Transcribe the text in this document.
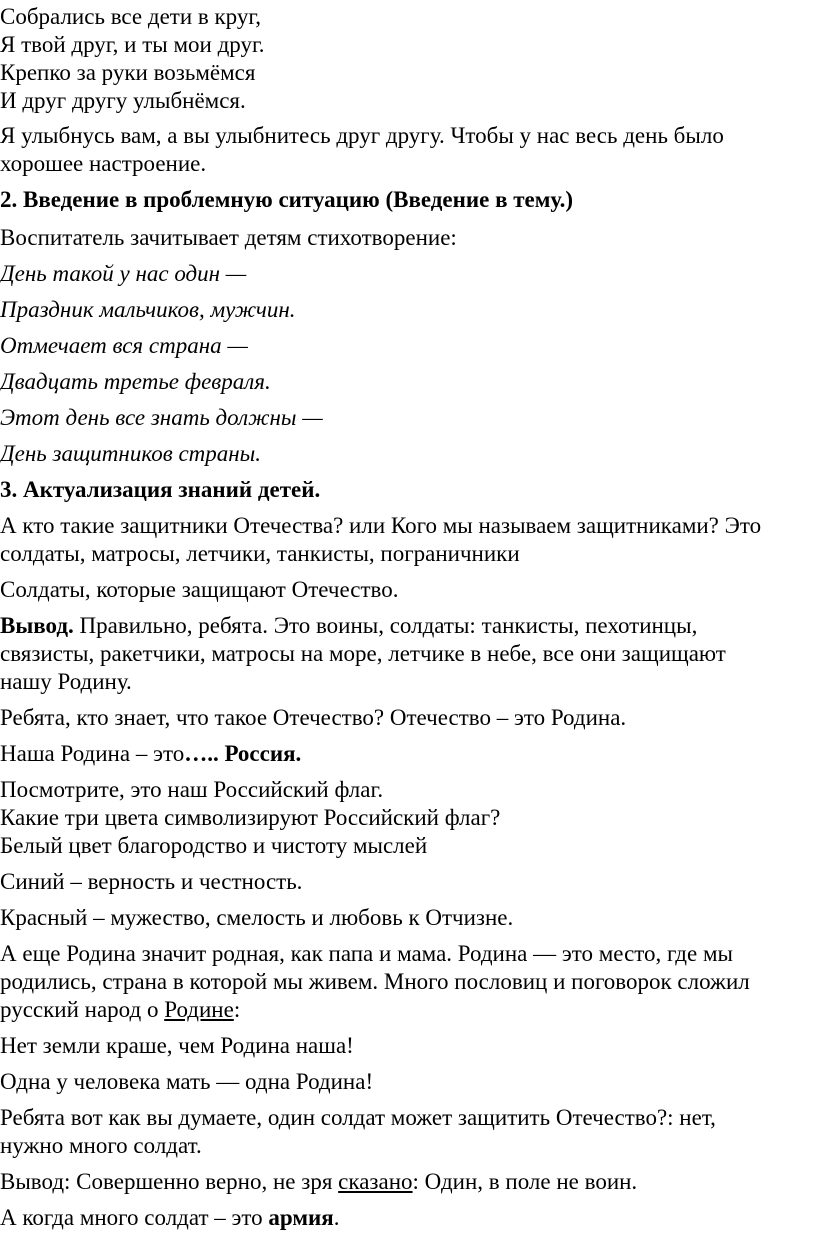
Собрались все дети в круг,

Я твой друг, и ты мои друг.

Крепко за руки возьмёмся

И друг другу улыбнёмся.

Я улыбнусь вам, а вы улыбнитесь друг другу. Чтобы у нас весь день было

хорошее настроение.

2. Введение в проблемную ситуацию (Введение в тему.)

Воспитатель зачитывает детям стихотворение:

День такой у нас один —

Праздник мальчиков, мужчин.

Отмечает вся страна —

Двадцать третье февраля.

Этот день все знать должны —

День защитников страны.

3. Актуализация знаний детей.

А кто такие защитники Отечества? или Кого мы называем защитниками? Это

солдаты, матросы, летчики, танкисты, пограничники

Солдаты, которые защищают Отечество.

Вывод. Правильно, ребята. Это воины, солдаты: танкисты, пехотинцы,

связисты, ракетчики, матросы на море, летчике в небе, все они защищают

нашу Родину.

Ребята, кто знает, что такое Отечество? Отечество – это Родина.

Наша Родина – это….. Россия.

Посмотрите, это наш Российский флаг.

Какие три цвета символизируют Российский флаг?

Белый цвет благородство и чистоту мыслей

Синий – верность и честность.

Красный – мужество, смелость и любовь к Отчизне.

А еще Родина значит родная, как папа и мама. Родина — это место, где мы

родились, страна в которой мы живем. Много пословиц и поговорок сложил

русский народ о Родине:

Нет земли краше, чем Родина наша!

Одна у человека мать — одна Родина!

Ребята вот как вы думаете, один солдат может защитить Отечество?: нет,

нужно много солдат.

Вывод: Совершенно верно, не зря сказано: Один, в поле не воин.

А когда много солдат – это армия.
